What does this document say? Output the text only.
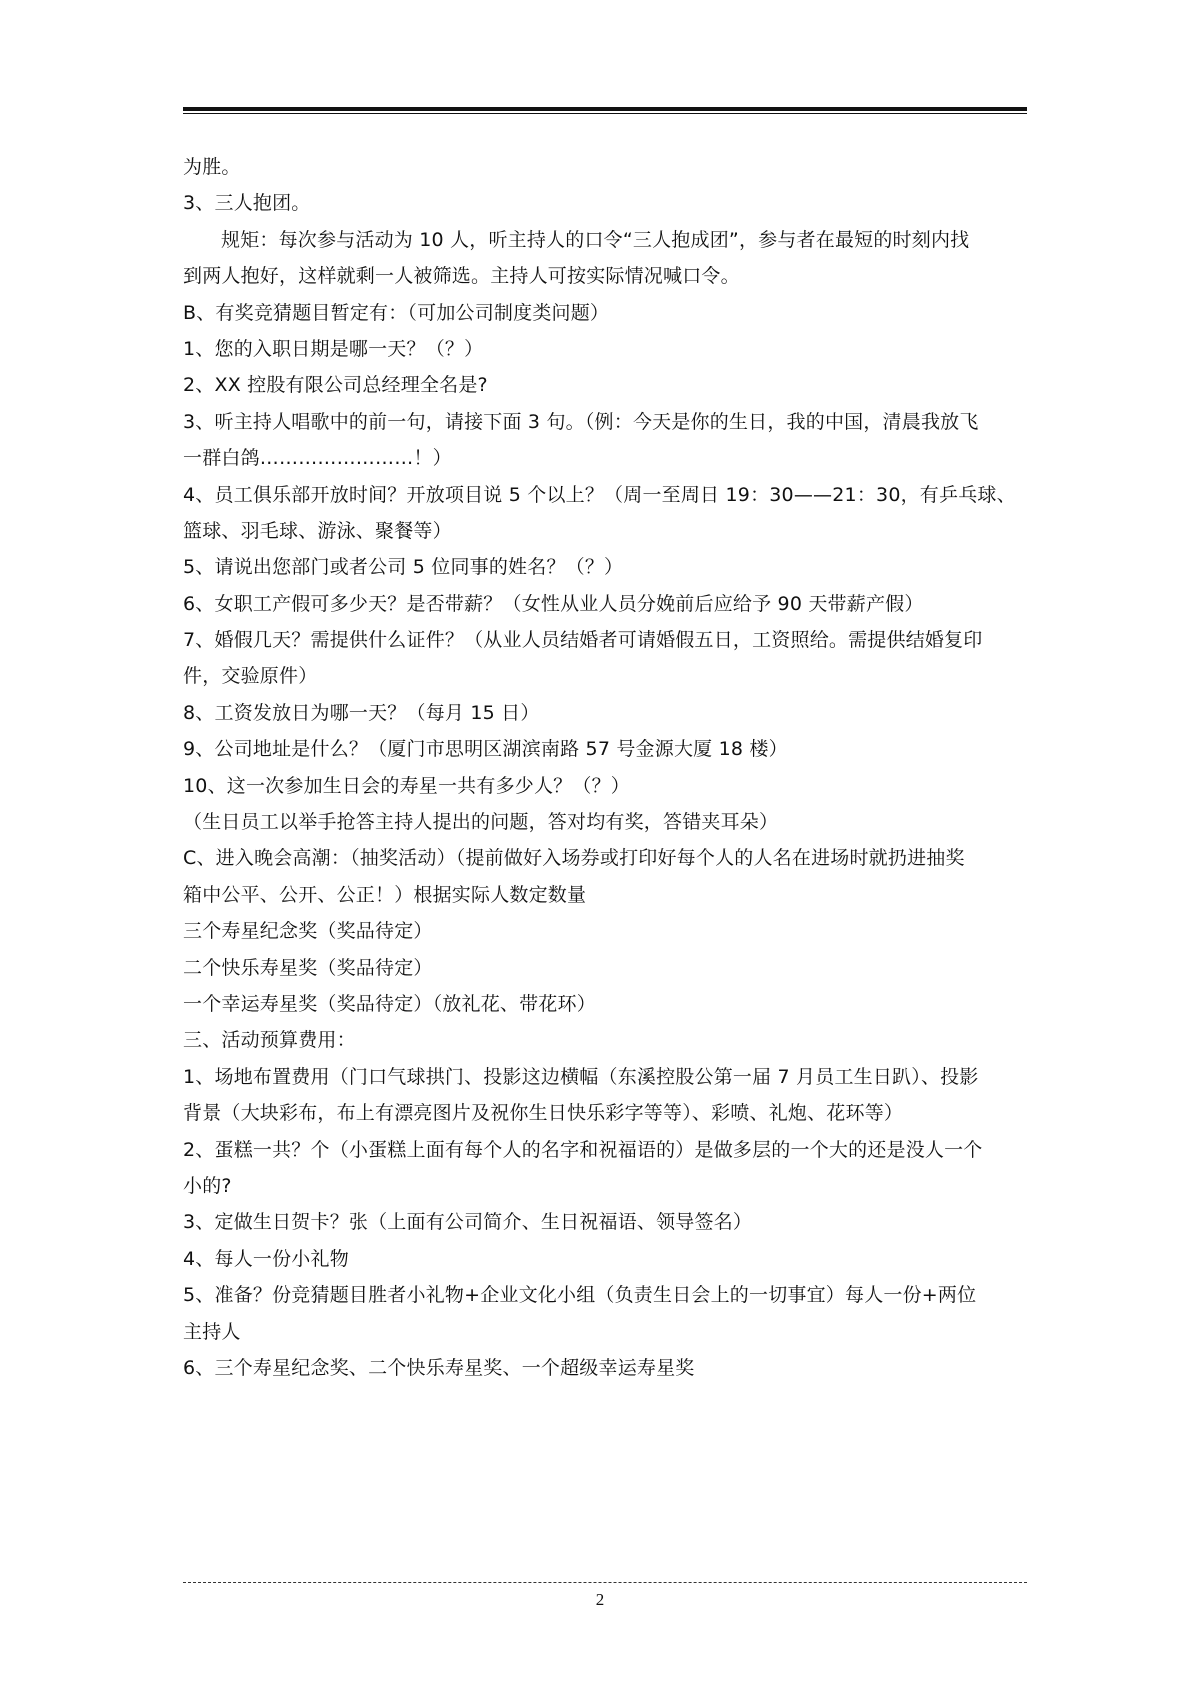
为胜。
3、三人抱团。
规矩：每次参与活动为 10 人，听主持人的口令“三人抱成团”，参与者在最短的时刻内找
到两人抱好，这样就剩一人被筛选。主持人可按实际情况喊口令。
B、有奖竞猜题目暂定有：（可加公司制度类问题）
1、您的入职日期是哪一天？（？）
2、XX 控股有限公司总经理全名是?
3、听主持人唱歌中的前一句，请接下面 3 句。（例：今天是你的生日，我的中国，清晨我放飞
一群白鸽……………………！）
4、员工俱乐部开放时间？开放项目说 5 个以上？（周一至周日 19：30——21：30，有乒乓球、
篮球、羽毛球、游泳、聚餐等）
5、请说出您部门或者公司 5 位同事的姓名？（？）
6、女职工产假可多少天？是否带薪？（女性从业人员分娩前后应给予 90 天带薪产假）
7、婚假几天？需提供什么证件？（从业人员结婚者可请婚假五日，工资照给。需提供结婚复印
件，交验原件）
8、工资发放日为哪一天？（每月 15 日）
9、公司地址是什么？（厦门市思明区湖滨南路 57 号金源大厦 18 楼）
10、这一次参加生日会的寿星一共有多少人？（？）
（生日员工以举手抢答主持人提出的问题，答对均有奖，答错夹耳朵）
C、进入晚会高潮：（抽奖活动）（提前做好入场券或打印好每个人的人名在进场时就扔进抽奖
箱中公平、公开、公正！）根据实际人数定数量
三个寿星纪念奖（奖品待定）
二个快乐寿星奖（奖品待定）
一个幸运寿星奖（奖品待定）（放礼花、带花环）
三、活动预算费用：
1、场地布置费用（门口气球拱门、投影这边横幅（东溪控股公第一届 7 月员工生日趴）、投影
背景（大块彩布，布上有漂亮图片及祝你生日快乐彩字等等）、彩喷、礼炮、花环等）
2、蛋糕一共？个（小蛋糕上面有每个人的名字和祝福语的）是做多层的一个大的还是没人一个
小的?
3、定做生日贺卡？张（上面有公司简介、生日祝福语、领导签名）
4、每人一份小礼物
5、准备？份竞猜题目胜者小礼物+企业文化小组（负责生日会上的一切事宜）每人一份+两位
主持人
6、三个寿星纪念奖、二个快乐寿星奖、一个超级幸运寿星奖
2
